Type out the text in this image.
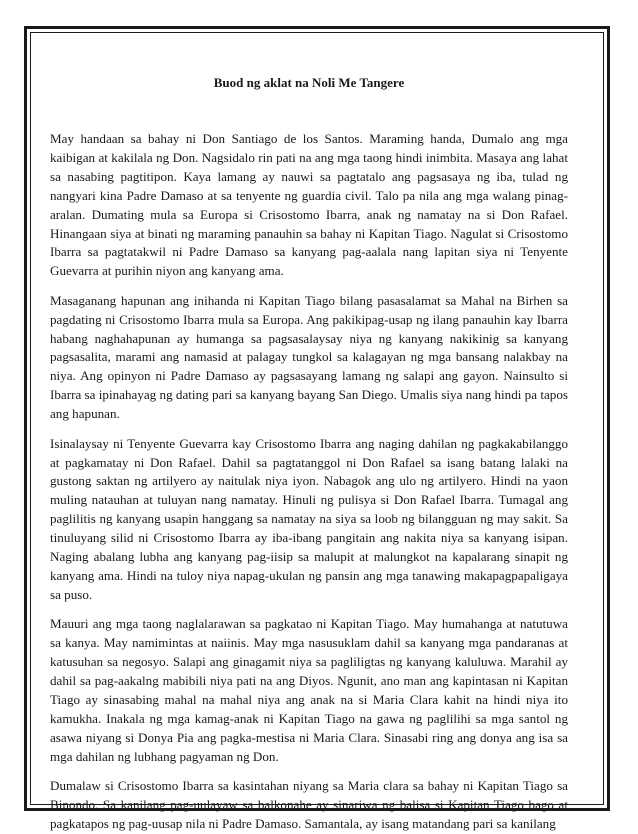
Buod ng aklat na Noli Me Tangere

May handaan sa bahay ni Don Santiago de los Santos. Maraming handa, Dumalo ang mga kaibigan at kakilala ng Don. Nagsidalo rin pati na ang mga taong hindi inimbita. Masaya ang lahat sa nasabing pagtitipon. Kaya lamang ay nauwi sa pagtatalo ang pagsasaya ng iba, tulad ng nangyari kina Padre Damaso at sa tenyente ng guardia civil. Talo pa nila ang mga walang pinag-aralan. Dumating mula sa Europa si Crisostomo Ibarra, anak ng namatay na si Don Rafael. Hinangaan siya at binati ng maraming panauhin sa bahay ni Kapitan Tiago. Nagulat si Crisostomo Ibarra sa pagtatakwil ni Padre Damaso sa kanyang pag-aalala nang lapitan siya ni Tenyente Guevarra at purihin niyon ang kanyang ama.

Masaganang hapunan ang inihanda ni Kapitan Tiago bilang pasasalamat sa Mahal na Birhen sa pagdating ni Crisostomo Ibarra mula sa Europa. Ang pakikipag-usap ng ilang panauhin kay Ibarra habang naghahapunan ay humanga sa pagsasalaysay niya ng kanyang nakikinig sa kanyang pagsasalita, marami ang namasid at palagay tungkol sa kalagayan ng mga bansang nalakbay na niya. Ang opinyon ni Padre Damaso ay pagsasayang lamang ng salapi ang gayon. Nainsulto si Ibarra sa ipinahayag ng dating pari sa kanyang bayang San Diego. Umalis siya nang hindi pa tapos ang hapunan.

Isinalaysay ni Tenyente Guevarra kay Crisostomo Ibarra ang naging dahilan ng pagkakabilanggo at pagkamatay ni Don Rafael. Dahil sa pagtatanggol ni Don Rafael sa isang batang lalaki na gustong saktan ng artilyero ay naitulak niya iyon. Nabagok ang ulo ng artilyero. Hindi na yaon muling natauhan at tuluyan nang namatay. Hinuli ng pulisya si Don Rafael Ibarra. Tumagal ang paglilitis ng kanyang usapin hanggang sa namatay na siya sa loob ng bilangguan ng may sakit. Sa tinuluyang silid ni Crisostomo Ibarra ay iba-ibang pangitain ang nakita niya sa kanyang isipan. Naging abalang lubha ang kanyang pag-iisip sa malupit at malungkot na kapalarang sinapit ng kanyang ama. Hindi na tuloy niya napag-ukulan ng pansin ang mga tanawing makapagpapaligaya sa puso.

Mauuri ang mga taong naglalarawan sa pagkatao ni Kapitan Tiago. May humahanga at natutuwa sa kanya. May namimintas at naiinis. May mga nasusuklam dahil sa kanyang mga pandaranas at katusuhan sa negosyo. Salapi ang ginagamit niya sa pagliligtas ng kanyang kaluluwa. Marahil ay dahil sa pag-aakalng mabibili niya pati na ang Diyos. Ngunit, ano man ang kapintasan ni Kapitan Tiago ay sinasabing mahal na mahal niya ang anak na si Maria Clara kahit na hindi niya ito kamukha. Inakala ng mga kamag-anak ni Kapitan Tiago na gawa ng paglilihi sa mga santol ng asawa niyang si Donya Pia ang pagka-mestisa ni Maria Clara. Sinasabi ring ang donya ang isa sa mga dahilan ng lubhang pagyaman ng Don.

Dumalaw si Crisostomo Ibarra sa kasintahan niyang sa Maria clara sa bahay ni Kapitan Tiago sa Binondo. Sa kanilang pag-uulayaw sa balkonahe ay sinariwa ng balisa si Kapitan Tiago bago at pagkatapos ng pag-uusap nila ni Padre Damaso. Samantala, ay isang matandang pari sa kanilang
